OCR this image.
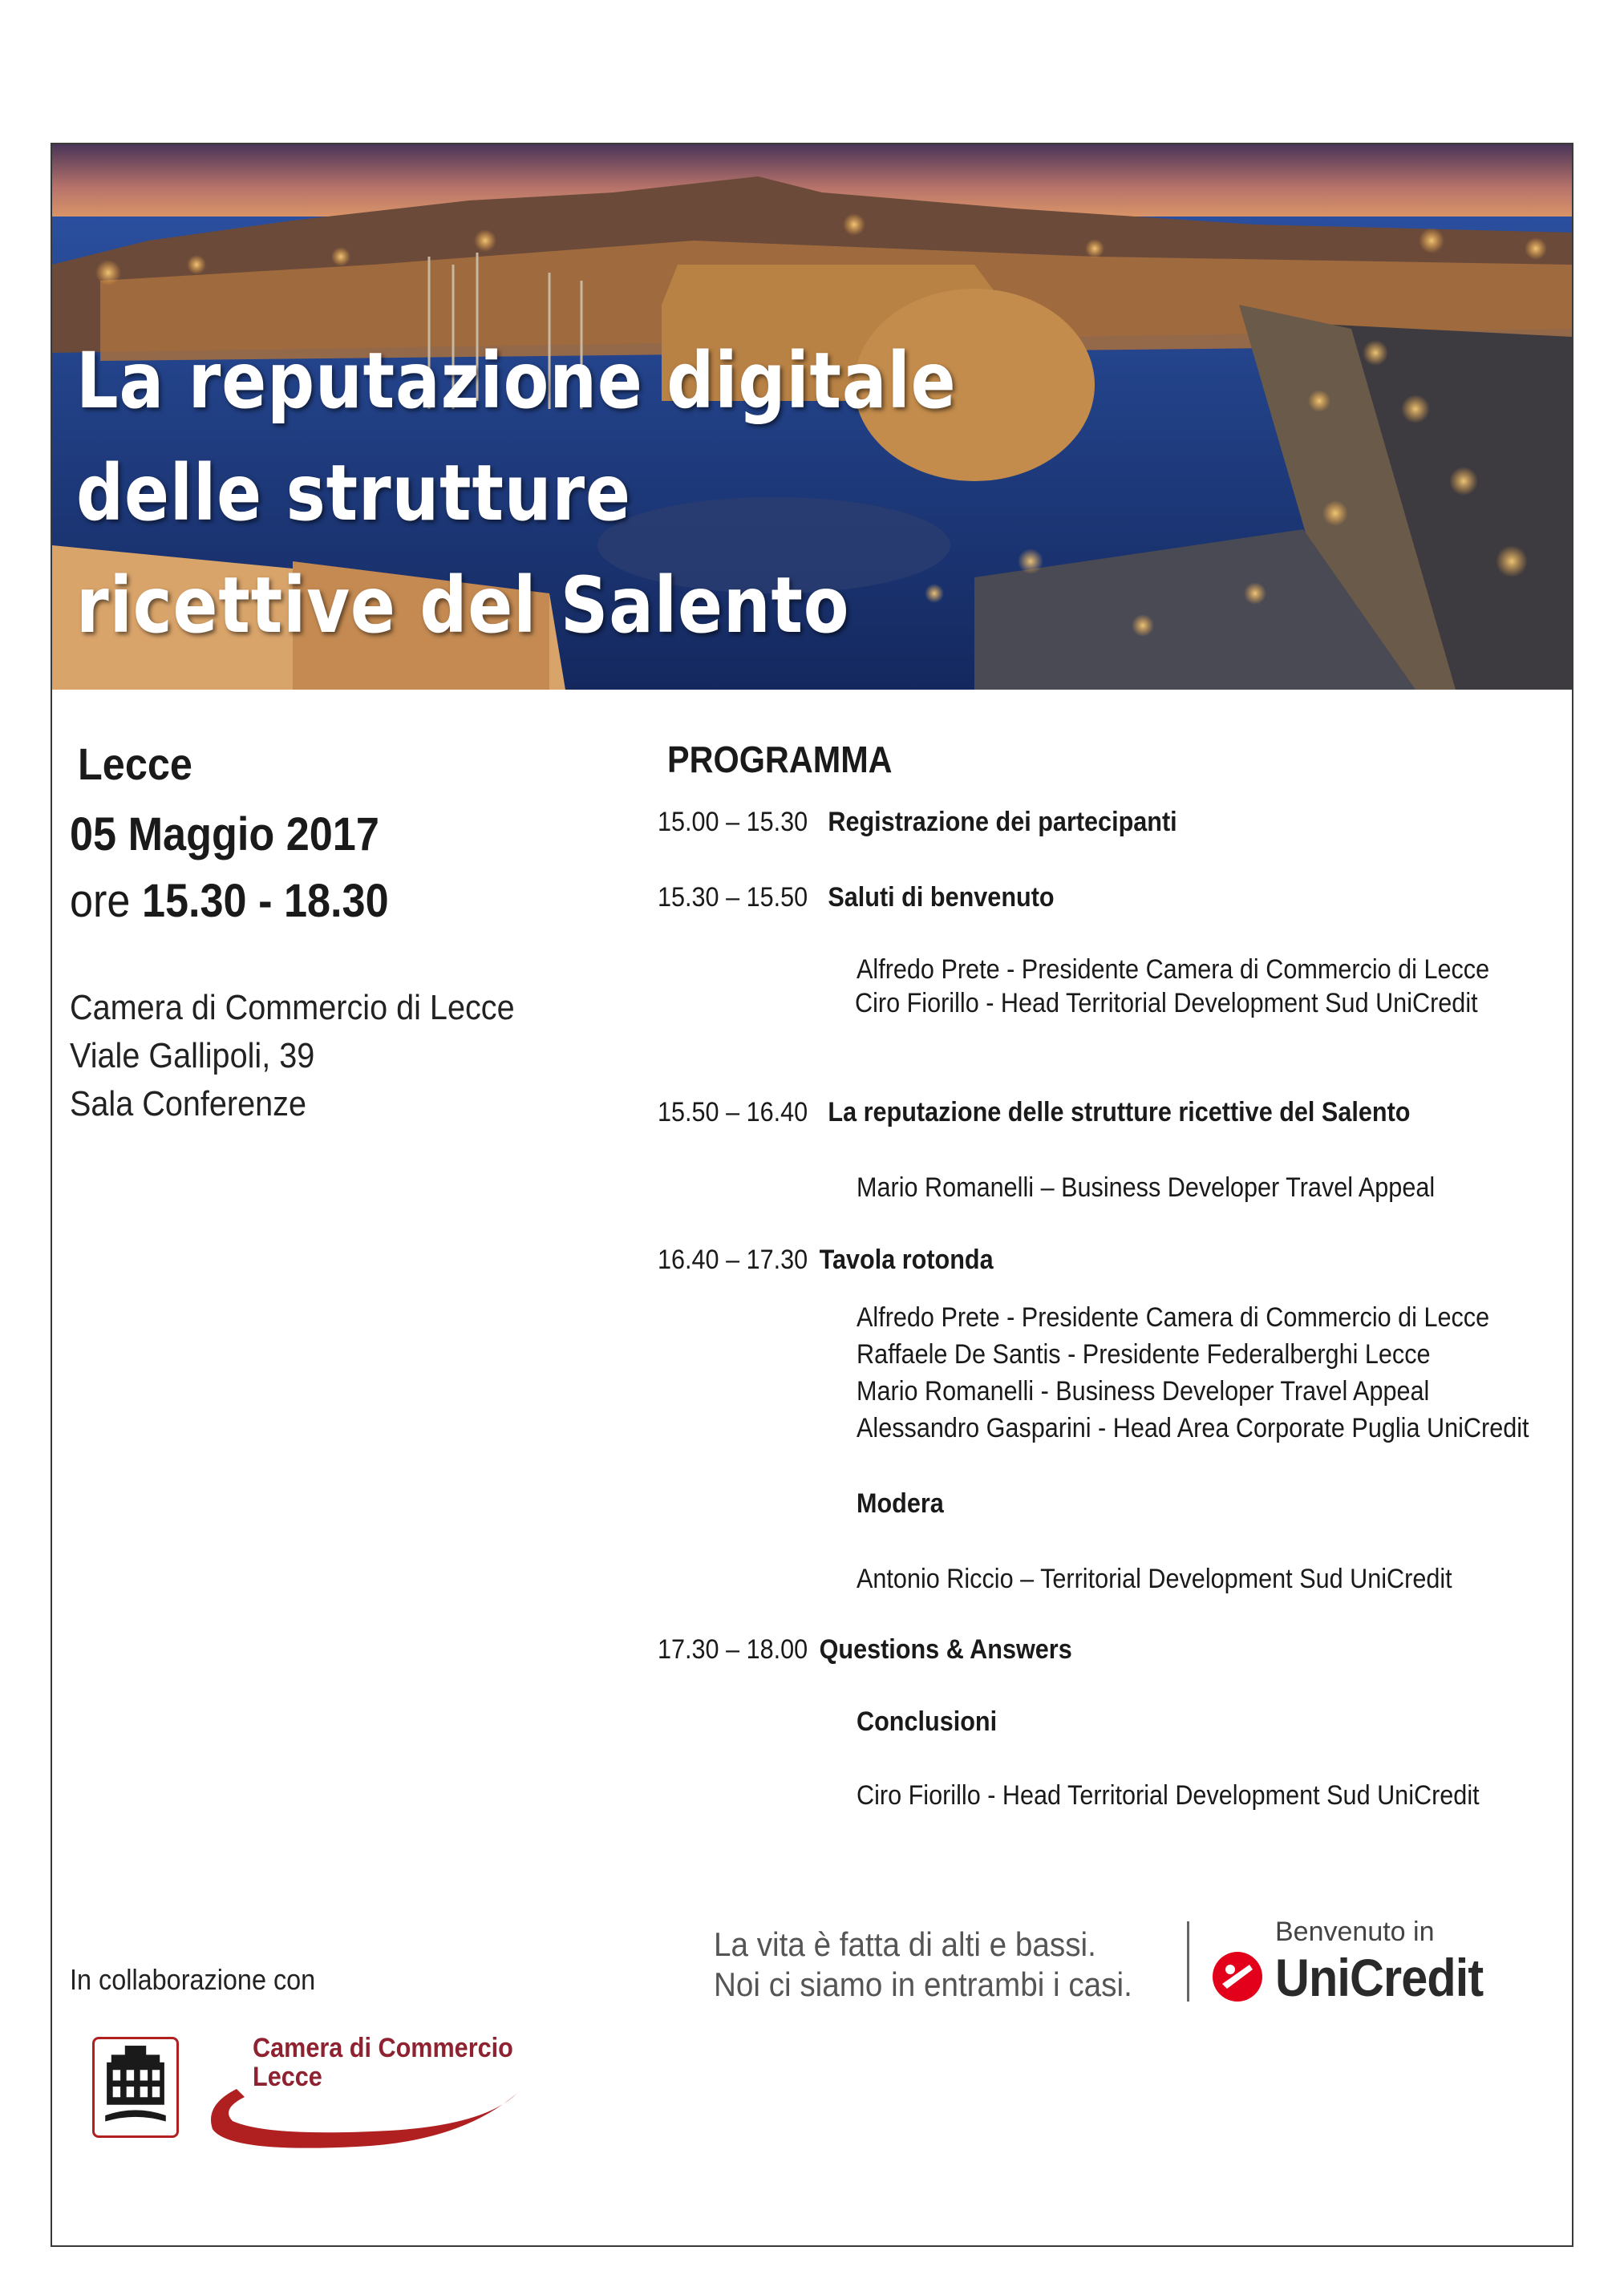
La reputazione digitale
delle strutture
ricettive del Salento
Lecce
05 Maggio 2017
ore 15.30 - 18.30
Camera di Commercio di Lecce
Viale Gallipoli, 39
Sala Conferenze
PROGRAMMA
15.00 – 15.30 Registrazione dei partecipanti
15.30 – 15.50 Saluti di benvenuto
Alfredo Prete - Presidente Camera di Commercio di Lecce
Ciro Fiorillo - Head Territorial Development Sud UniCredit
15.50 – 16.40 La reputazione delle strutture ricettive del Salento
Mario Romanelli – Business Developer Travel Appeal
16.40 – 17.30 Tavola rotonda
Alfredo Prete - Presidente Camera di Commercio di Lecce
Raffaele De Santis - Presidente Federalberghi Lecce
Mario Romanelli - Business Developer Travel Appeal
Alessandro Gasparini - Head Area Corporate Puglia UniCredit
Modera
Antonio Riccio – Territorial Development Sud UniCredit
17.30 – 18.00 Questions & Answers
Conclusioni
Ciro Fiorillo - Head Territorial Development Sud UniCredit
La vita è fatta di alti e bassi.
Noi ci siamo in entrambi i casi.
Benvenuto in
UniCredit
In collaborazione con
Camera di Commercio
Lecce
